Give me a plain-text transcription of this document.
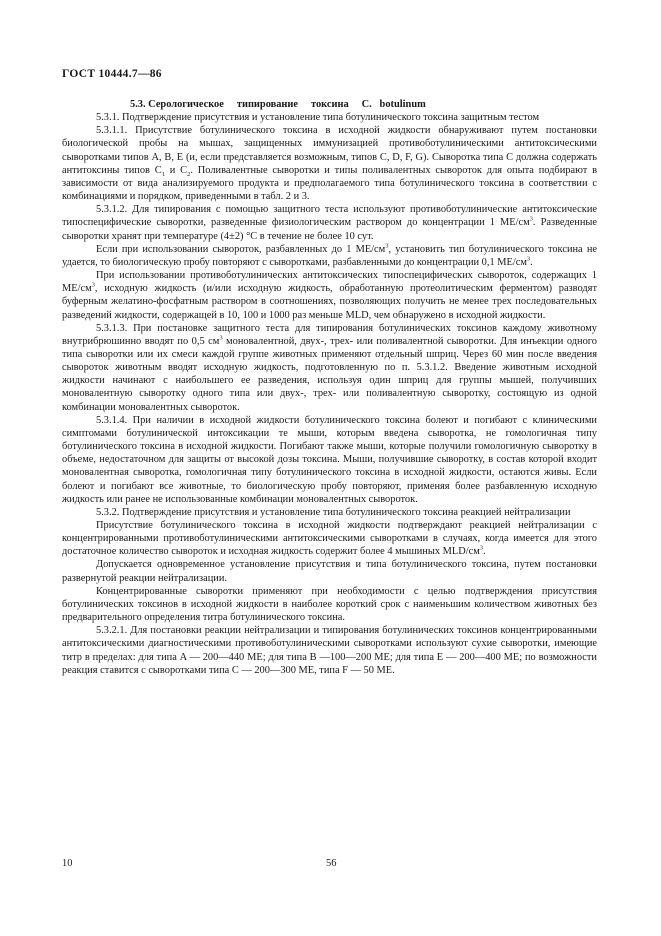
ГОСТ 10444.7—86

5.3. Серологическое     типирование     токсина     C.   botulinum

5.3.1. Подтверждение присутствия и установление типа ботулинического токсина защитным тестом

5.3.1.1. Присутствие ботулинического токсина в исходной жидкости обнаруживают путем постановки биологической пробы на мышах, защищенных иммунизацией противоботулиническими антитоксическими сыворотками типов A, B, E (и, если представляется возможным, типов C, D, F, G). Сыворотка типа C должна содержать антитоксины типов $C_1$ и $C_2$. Поливалентные сыворотки и типы поливалентных сывороток для опыта подбирают в зависимости от вида анализируемого продукта и предполагаемого типа ботулинического токсина в соответствии с комбинациями и порядком, приведенными в табл. 2 и 3.

5.3.1.2. Для типирования с помощью защитного теста используют противоботулинические антитоксические типоспецифические сыворотки, разведенные физиологическим раствором до концентрации 1 $МЕ/см^3$. Разведенные сыворотки хранят при температуре (4±2) °C в течение не более 10 сут.

Если при использовании сывороток, разбавленных до 1 $МЕ/см^3$, установить тип ботулинического токсина не удается, то биологическую пробу повторяют с сыворотками, разбавленными до концентрации 0,1 $МЕ/см^3$.

При использовании противоботулинических антитоксических типоспецифических сывороток, содержащих 1 $МЕ/см^3$, исходную жидкость (и/или исходную жидкость, обработанную протеолитическим ферментом) разводят буферным желатино-фосфатным раствором в соотношениях, позволяющих получить не менее трех последовательных разведений жидкости, содержащей в 10, 100 и 1000 раз меньше MLD, чем обнаружено в исходной жидкости.

5.3.1.3. При постановке защитного теста для типирования ботулинических токсинов каждому животному внутрибрюшинно вводят по 0,5 $см^3$ моновалентной, двух-, трех- или поливалентной сыворотки. Для инъекции одного типа сыворотки или их смеси каждой группе животных применяют отдельный шприц. Через 60 мин после введения сывороток животным вводят исходную жидкость, подготовленную по п. 5.3.1.2. Введение животным исходной жидкости начинают с наибольшего ее разведения, используя один шприц для группы мышей, получивших моновалентную сыворотку одного типа или двух-, трех- или поливалентную сыворотку, состоящую из одной комбинации моновалентных сывороток.

5.3.1.4. При наличии в исходной жидкости ботулинического токсина болеют и погибают с клиническими симптомами ботулинической интоксикации те мыши, которым введена сыворотка, не гомологичная типу ботулинического токсина в исходной жидкости. Погибают также мыши, которые получили гомологичную сыворотку в объеме, недостаточном для защиты от высокой дозы токсина. Мыши, получившие сыворотку, в состав которой входит моновалентная сыворотка, гомологичная типу ботулинического токсина в исходной жидкости, остаются живы. Если болеют и погибают все животные, то биологическую пробу повторяют, применяя более разбавленную исходную жидкость или ранее не использованные комбинации моновалентных сывороток.

5.3.2. Подтверждение присутствия и установление типа ботулинического токсина реакцией нейтрализации

Присутствие ботулинического токсина в исходной жидкости подтверждают реакцией нейтрализации с концентрированными противоботулиническими антитоксическими сыворотками в случаях, когда имеется для этого достаточное количество сывороток и исходная жидкость содержит более 4 мышиных MLD/$см^3$.

Допускается одновременное установление присутствия и типа ботулинического токсина, путем постановки развернутой реакции нейтрализации.

Концентрированные сыворотки применяют при необходимости с целью подтверждения присутствия ботулинических токсинов в исходной жидкости в наиболее короткий срок с наименьшим количеством животных без предварительного определения титра ботулинического токсина.

5.3.2.1. Для постановки реакции нейтрализации и типирования ботулинических токсинов концентрированными антитоксическими диагностическими противоботулиническими сыворотками используют сухие сыворотки, имеющие титр в пределах: для типа A — 200—440 МЕ; для типа B —100—200 МЕ; для типа E — 200—400 МЕ; по возможности реакция ставится с сыворотками типа C — 200—300 МЕ, типа F — 50 МЕ.

10	56
